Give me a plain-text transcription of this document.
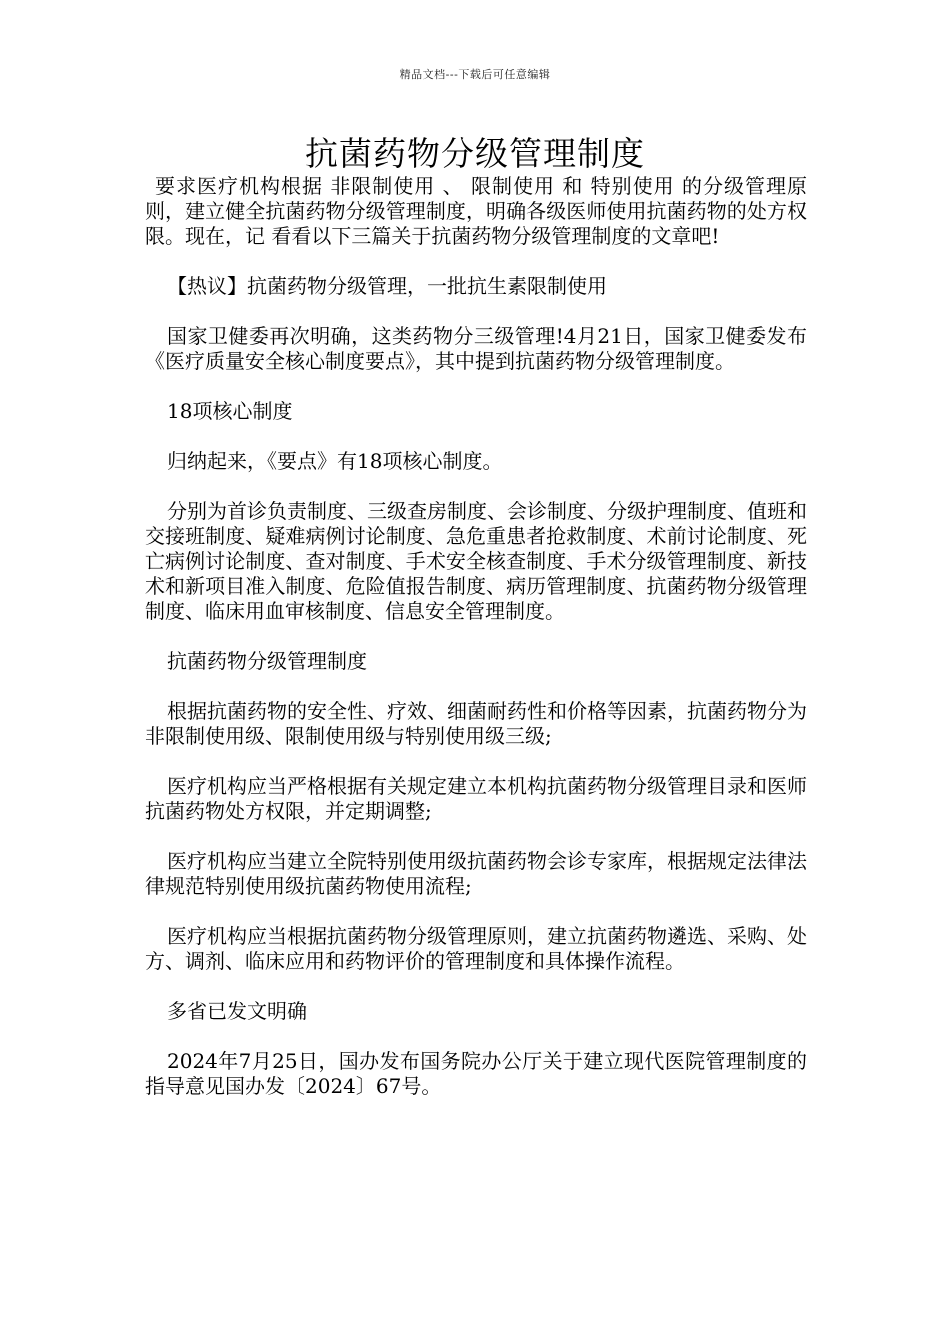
精品文档---下载后可任意编辑
抗菌药物分级管理制度

要求医疗机构根据 非限制使用 、 限制使用 和 特别使用 的分级管理原则，建立健全抗菌药物分级管理制度，明确各级医师使用抗菌药物的处方权限。现在，记 看看以下三篇关于抗菌药物分级管理制度的文章吧!

【热议】抗菌药物分级管理，一批抗生素限制使用

国家卫健委再次明确，这类药物分三级管理!4月21日，国家卫健委发布《医疗质量安全核心制度要点》，其中提到抗菌药物分级管理制度。

18项核心制度

归纳起来，《要点》有18项核心制度。

分别为首诊负责制度、三级查房制度、会诊制度、分级护理制度、值班和交接班制度、疑难病例讨论制度、急危重患者抢救制度、术前讨论制度、死亡病例讨论制度、查对制度、手术安全核查制度、手术分级管理制度、新技术和新项目准入制度、危险值报告制度、病历管理制度、抗菌药物分级管理制度、临床用血审核制度、信息安全管理制度。

抗菌药物分级管理制度

根据抗菌药物的安全性、疗效、细菌耐药性和价格等因素，抗菌药物分为非限制使用级、限制使用级与特别使用级三级;

医疗机构应当严格根据有关规定建立本机构抗菌药物分级管理目录和医师抗菌药物处方权限，并定期调整;

医疗机构应当建立全院特别使用级抗菌药物会诊专家库，根据规定法律法律规范特别使用级抗菌药物使用流程;

医疗机构应当根据抗菌药物分级管理原则，建立抗菌药物遴选、采购、处方、调剂、临床应用和药物评价的管理制度和具体操作流程。

多省已发文明确

2024年7月25日，国办发布国务院办公厅关于建立现代医院管理制度的指导意见国办发〔2024〕67号。
